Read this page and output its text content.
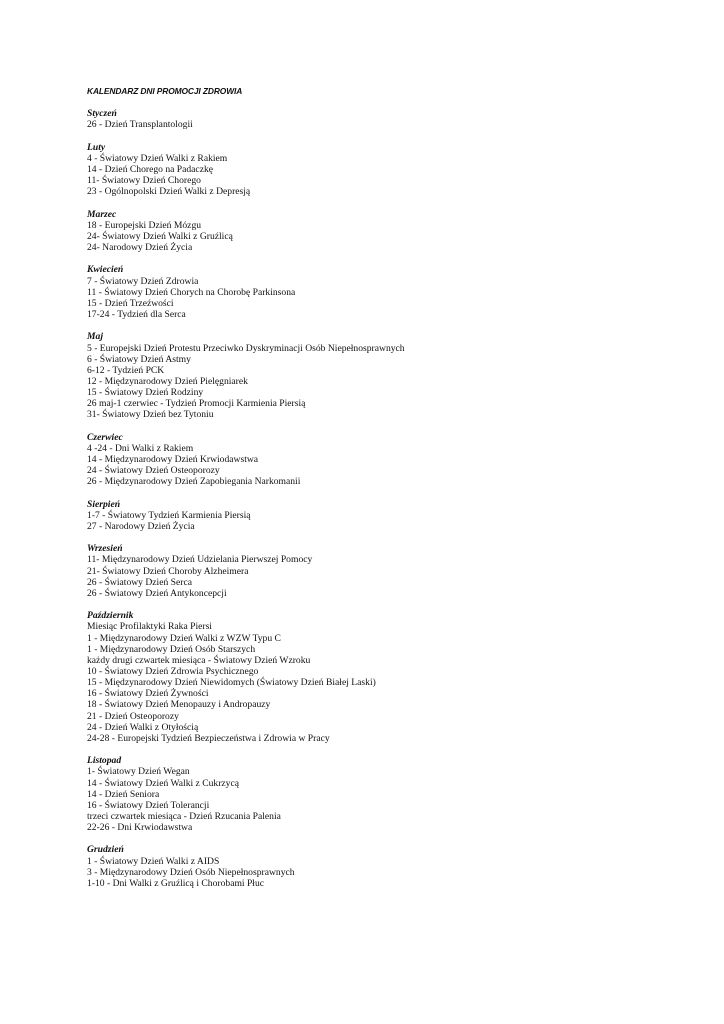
KALENDARZ DNI PROMOCJI ZDROWIA
Styczeń
26 - Dzień Transplantologii
Luty
4 - Światowy Dzień Walki z Rakiem
14 - Dzień Chorego na Padaczkę
11- Światowy Dzień Chorego
23 - Ogólnopolski Dzień Walki z Depresją
Marzec
18 - Europejski Dzień Mózgu
24- Światowy Dzień Walki z Gruźlicą
24- Narodowy Dzień Życia
Kwiecień
7 - Światowy Dzień Zdrowia
11 - Światowy Dzień Chorych na Chorobę Parkinsona
15 - Dzień Trzeźwości
17-24 - Tydzień dla Serca
Maj
5 - Europejski Dzień Protestu Przeciwko Dyskryminacji Osób Niepełnosprawnych
6 - Światowy Dzień Astmy
6-12 - Tydzień PCK
12 - Międzynarodowy Dzień Pielęgniarek
15 - Światowy Dzień Rodziny
26 maj-1 czerwiec - Tydzień Promocji Karmienia Piersią
31- Światowy Dzień bez Tytoniu
Czerwiec
4 -24 - Dni Walki z Rakiem
14 - Międzynarodowy Dzień Krwiodawstwa
24 - Światowy Dzień Osteoporozy
26 - Międzynarodowy Dzień Zapobiegania Narkomanii
Sierpień
1-7 - Światowy Tydzień Karmienia Piersią
27 - Narodowy Dzień Życia
Wrzesień
11- Międzynarodowy Dzień Udzielania Pierwszej Pomocy
21- Światowy Dzień Choroby Alzheimera
26 - Światowy Dzień Serca
26 - Światowy Dzień Antykoncepcji
Październik
Miesiąc Profilaktyki Raka Piersi
1 - Międzynarodowy Dzień Walki z WZW Typu C
1 - Międzynarodowy Dzień Osób Starszych
każdy drugi czwartek miesiąca - Światowy Dzień Wzroku
10 - Światowy Dzień Zdrowia Psychicznego
15 - Międzynarodowy Dzień Niewidomych (Światowy Dzień Białej Laski)
16 - Światowy Dzień Żywności
18 - Światowy Dzień Menopauzy i Andropauzy
21 - Dzień Osteoporozy
24 - Dzień Walki z Otyłością
24-28 - Europejski Tydzień Bezpieczeństwa i Zdrowia w Pracy
Listopad
1- Światowy Dzień Wegan
14 - Światowy Dzień Walki z Cukrzycą
14 - Dzień Seniora
16 - Światowy Dzień Tolerancji
trzeci czwartek miesiąca - Dzień Rzucania Palenia
22-26 - Dni Krwiodawstwa
Grudzień
1 - Światowy Dzień Walki z AIDS
3 - Międzynarodowy Dzień Osób Niepełnosprawnych
1-10 - Dni Walki z Gruźlicą i Chorobami Płuc
